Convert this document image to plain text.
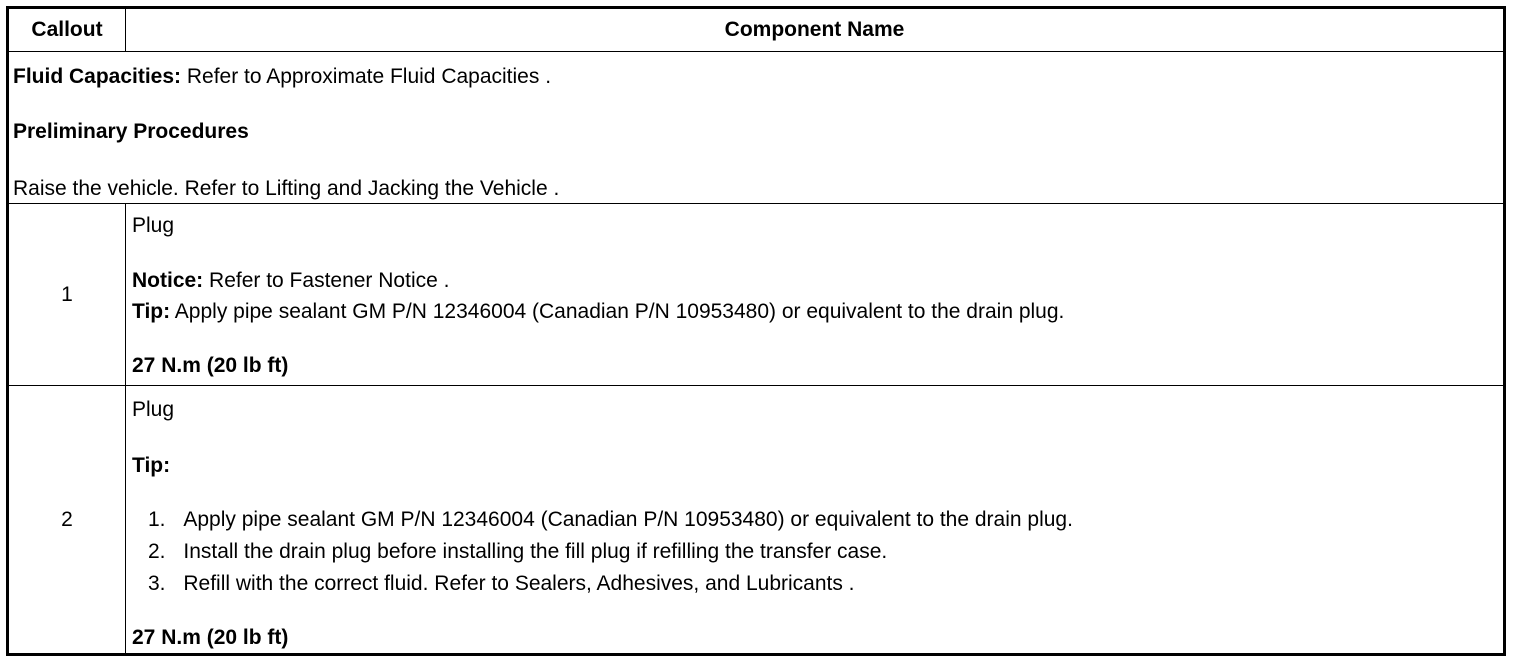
Callout	Component Name
Fluid Capacities: Refer to Approximate Fluid Capacities .
Preliminary Procedures
Raise the vehicle. Refer to Lifting and Jacking the Vehicle .
1
Plug
Notice: Refer to Fastener Notice .
Tip: Apply pipe sealant GM P/N 12346004 (Canadian P/N 10953480) or equivalent to the drain plug.
27 N.m (20 lb ft)
2
Plug
Tip:
1. Apply pipe sealant GM P/N 12346004 (Canadian P/N 10953480) or equivalent to the drain plug.
2. Install the drain plug before installing the fill plug if refilling the transfer case.
3. Refill with the correct fluid. Refer to Sealers, Adhesives, and Lubricants .
27 N.m (20 lb ft)
